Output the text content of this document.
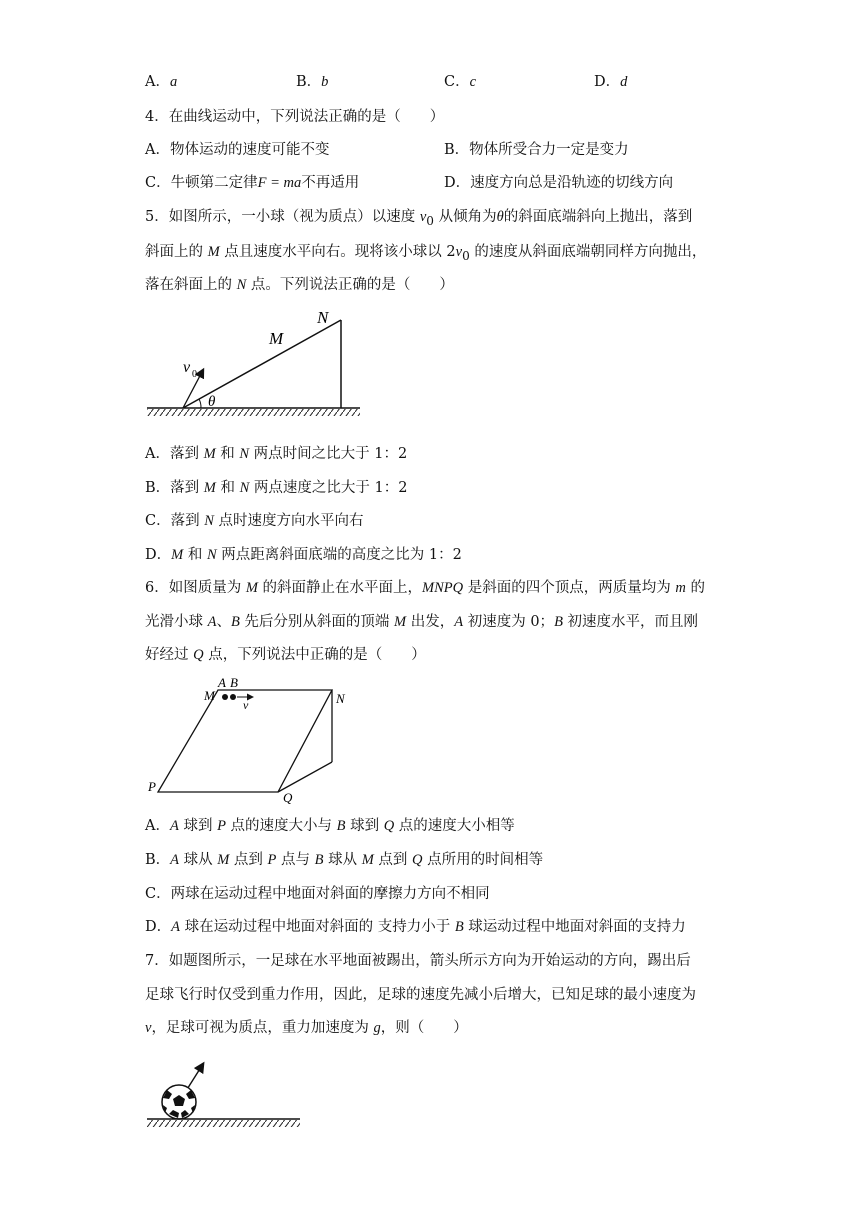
A．a	B．b	C．c	D．d
4．在曲线运动中，下列说法正确的是（　　）
A．物体运动的速度可能不变	B．物体所受合力一定是变力
C．牛顿第二定律F = ma不再适用	D．速度方向总是沿轨迹的切线方向
5．如图所示，一小球（视为质点）以速度 $v_0$ 从倾角为θ的斜面底端斜向上抛出，落到
斜面上的 M 点且速度水平向右。现将该小球以 $2v_0$ 的速度从斜面底端朝同样方向抛出，
落在斜面上的 N 点。下列说法正确的是（　　）
N
M
v 0
θ
A．落到 M 和 N 两点时间之比大于 1：2
B．落到 M 和 N 两点速度之比大于 1：2
C．落到 N 点时速度方向水平向右
D．M 和 N 两点距离斜面底端的高度之比为 1：2
6．如图质量为 M 的斜面静止在水平面上，MNPQ 是斜面的四个顶点，两质量均为 m 的
光滑小球 A、B 先后分别从斜面的顶端 M 出发，A 初速度为 0；B 初速度水平，而且刚
好经过 Q 点，下列说法中正确的是（　　）
A B
M
v	N
P
Q
A．A 球到 P 点的速度大小与 B 球到 Q 点的速度大小相等
B．A 球从 M 点到 P 点与 B 球从 M 点到 Q 点所用的时间相等
C．两球在运动过程中地面对斜面的摩擦力方向不相同
D．A 球在运动过程中地面对斜面的 支持力小于 B 球运动过程中地面对斜面的支持力
7．如题图所示，一足球在水平地面被踢出，箭头所示方向为开始运动的方向，踢出后
足球飞行时仅受到重力作用，因此，足球的速度先减小后增大，已知足球的最小速度为
v，足球可视为质点，重力加速度为 g，则（　　）
